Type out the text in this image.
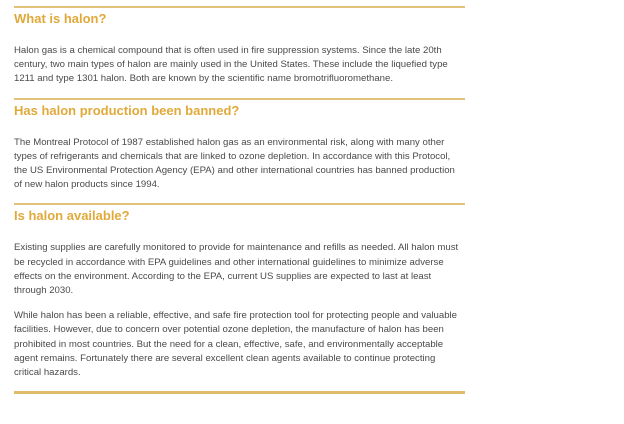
What is halon?

Halon gas is a chemical compound that is often used in fire suppression systems. Since the late 20th century, two main types of halon are mainly used in the United States. These include the liquefied type 1211 and type 1301 halon. Both are known by the scientific name bromotrifluoromethane.

Has halon production been banned?

The Montreal Protocol of 1987 established halon gas as an environmental risk, along with many other types of refrigerants and chemicals that are linked to ozone depletion. In accordance with this Protocol, the US Environmental Protection Agency (EPA) and other international countries has banned production of new halon products since 1994.

Is halon available?

Existing supplies are carefully monitored to provide for maintenance and refills as needed. All halon must be recycled in accordance with EPA guidelines and other international guidelines to minimize adverse effects on the environment. According to the EPA, current US supplies are expected to last at least through 2030.

While halon has been a reliable, effective, and safe fire protection tool for protecting people and valuable facilities. However, due to concern over potential ozone depletion, the manufacture of halon has been prohibited in most countries. But the need for a clean, effective, safe, and environmentally acceptable agent remains. Fortunately there are several excellent clean agents available to continue protecting critical hazards.
